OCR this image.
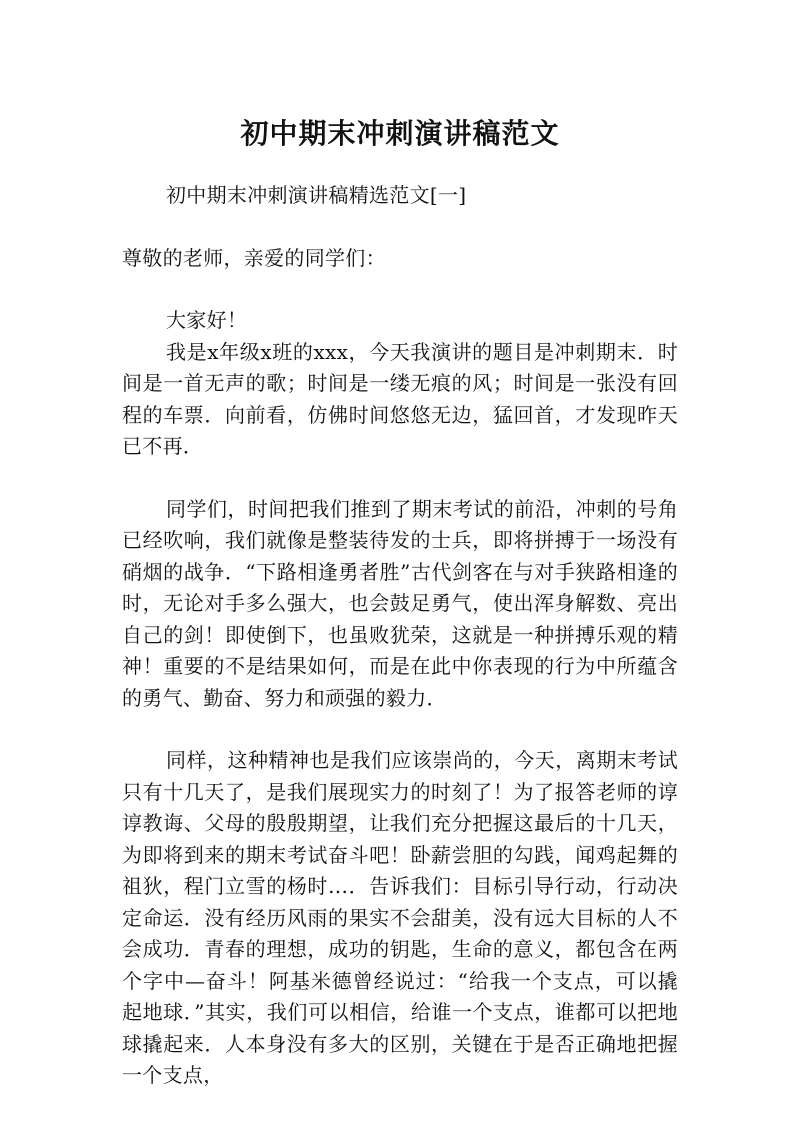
初中期末冲刺演讲稿范文

初中期末冲刺演讲稿精选范文[一]

尊敬的老师，亲爱的同学们：

大家好！

我是x年级x班的xxx，今天我演讲的题目是冲刺期末．时间是一首无声的歌；时间是一缕无痕的风；时间是一张没有回程的车票．向前看，仿佛时间悠悠无边，猛回首，才发现昨天已不再．

同学们，时间把我们推到了期末考试的前沿，冲刺的号角已经吹响，我们就像是整装待发的士兵，即将拼搏于一场没有硝烟的战争．“下路相逢勇者胜”古代剑客在与对手狭路相逢的时，无论对手多么强大，也会鼓足勇气，使出浑身解数、亮出自己的剑！即使倒下，也虽败犹荣，这就是一种拼搏乐观的精神！重要的不是结果如何，而是在此中你表现的行为中所蕴含的勇气、勤奋、努力和顽强的毅力．

同样，这种精神也是我们应该崇尚的，今天，离期末考试只有十几天了，是我们展现实力的时刻了！为了报答老师的谆谆教诲、父母的殷殷期望，让我们充分把握这最后的十几天，为即将到来的期末考试奋斗吧！卧薪尝胆的勾践，闻鸡起舞的祖狄，程门立雪的杨时…．告诉我们：目标引导行动，行动决定命运．没有经历风雨的果实不会甜美，没有远大目标的人不会成功．青春的理想，成功的钥匙，生命的意义，都包含在两个字中—奋斗！阿基米德曾经说过：“给我一个支点，可以撬起地球．”其实，我们可以相信，给谁一个支点，谁都可以把地球撬起来．人本身没有多大的区别，关键在于是否正确地把握一个支点，
